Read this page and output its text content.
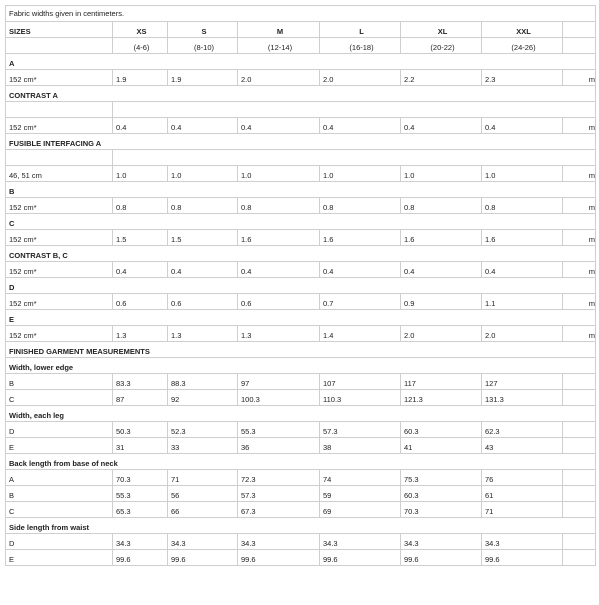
Fabric widths given in centimeters.							
SIZES	XS	S	M	L	XL	XXL	
	(4-6)	(8-10)	(12-14)	(16-18)	(20-22)	(24-26)	
A							
152 cm*	1.9	1.9	2.0	2.0	2.2	2.3	m
CONTRAST A							

152 cm*	0.4	0.4	0.4	0.4	0.4	0.4	m
FUSIBLE INTERFACING A							

46, 51 cm	1.0	1.0	1.0	1.0	1.0	1.0	m
B							
152 cm*	0.8	0.8	0.8	0.8	0.8	0.8	m
C							
152 cm*	1.5	1.5	1.6	1.6	1.6	1.6	m
CONTRAST B, C							
152 cm*	0.4	0.4	0.4	0.4	0.4	0.4	m
D							
152 cm*	0.6	0.6	0.6	0.7	0.9	1.1	m
E							
152 cm*	1.3	1.3	1.3	1.4	2.0	2.0	m
FINISHED GARMENT MEASUREMENTS							
Width, lower edge							
B	83.3	88.3	97	107	117	127	
C	87	92	100.3	110.3	121.3	131.3	
Width, each leg							
D	50.3	52.3	55.3	57.3	60.3	62.3	
E	31	33	36	38	41	43	
Back length from base of neck							
A	70.3	71	72.3	74	75.3	76	
B	55.3	56	57.3	59	60.3	61	
C	65.3	66	67.3	69	70.3	71	
Side length from waist							
D	34.3	34.3	34.3	34.3	34.3	34.3	
E	99.6	99.6	99.6	99.6	99.6	99.6	
